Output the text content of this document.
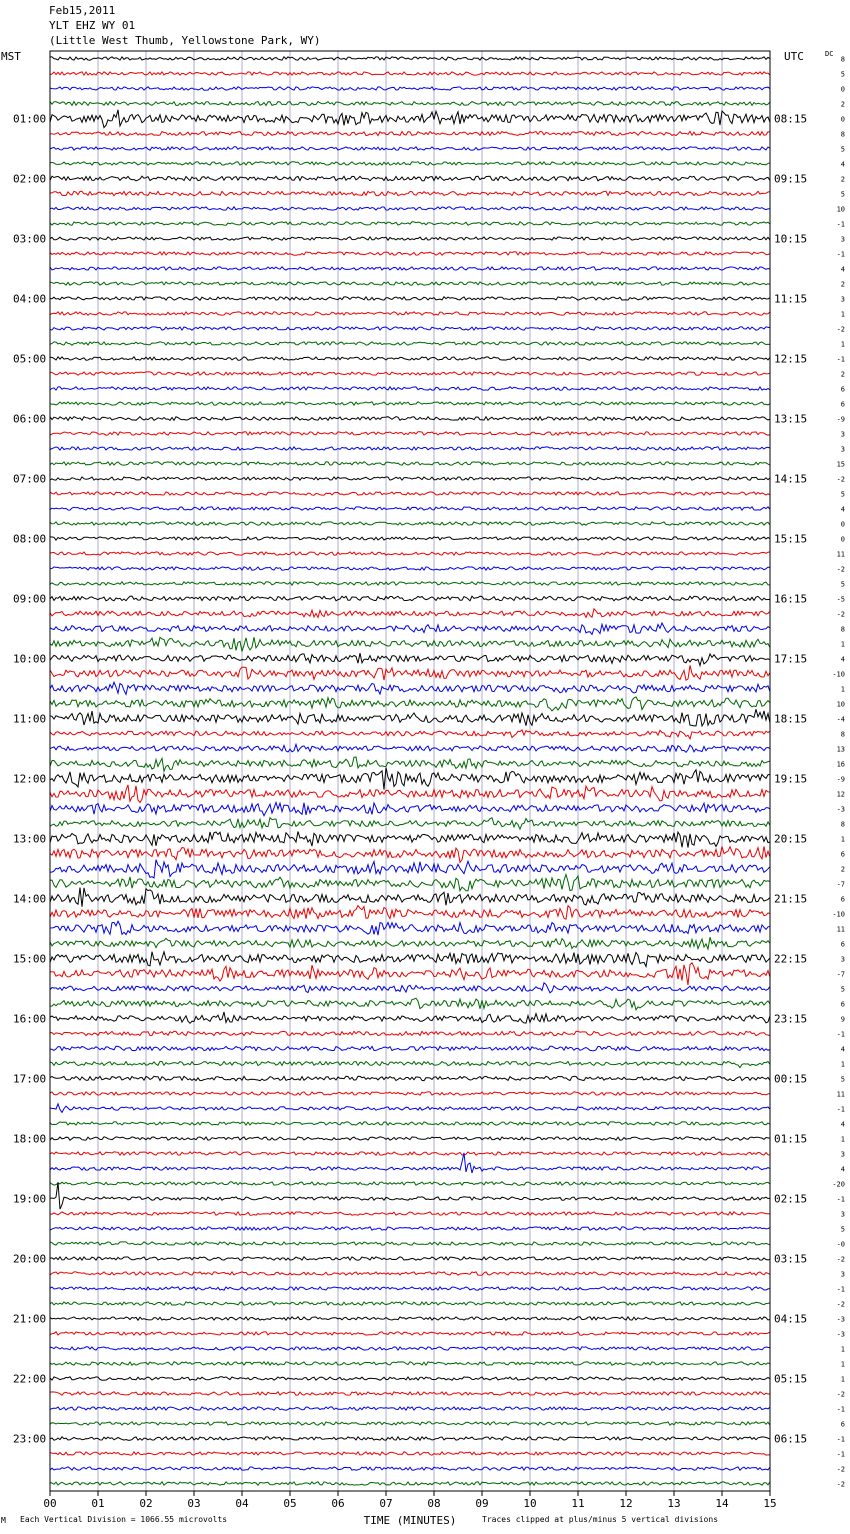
Feb15,2011
YLT EHZ WY 01
(Little West Thumb, Yellowstone Park, WY)
MST	UTC	DC
01:00
02:00
03:00
04:00
05:00
06:00
07:00
08:00
09:00
10:00
11:00
12:00
13:00
14:00
15:00
16:00
17:00
18:00
19:00
20:00
21:00
22:00
23:00
08:15
09:15
10:15
11:15
12:15
13:15
14:15
15:15
16:15
17:15
18:15
19:15
20:15
21:15
22:15
23:15
00:15
01:15
02:15
03:15
04:15
05:15
06:15
8
5
0
2
0
8
5
4
2
5
10
-1
3
-1
4
2
3
1
-2
1
-1
2
6
6
-9
3
3
15
-2
5
4
0
0
11
-2
5
-5
-2
8
1
4
-10
1
10
-4
8
13
16
-9
12
-3
8
1
6
2
-7
6
-10
11
6
3
-7
5
6
9
-1
4
1
5
11
-1
4
1
3
4
-20
-1
3
5
-0
-2
3
-1
-2
-3
-3
1
1
1
-2
-1
6
-1
-1
-2
-2
00	01	02	03	04	05	06	07	08	09	10	11	12	13	14	15
TIME (MINUTES)
M Each Vertical Division = 1066.55 microvolts	Traces clipped at plus/minus 5 vertical divisions
